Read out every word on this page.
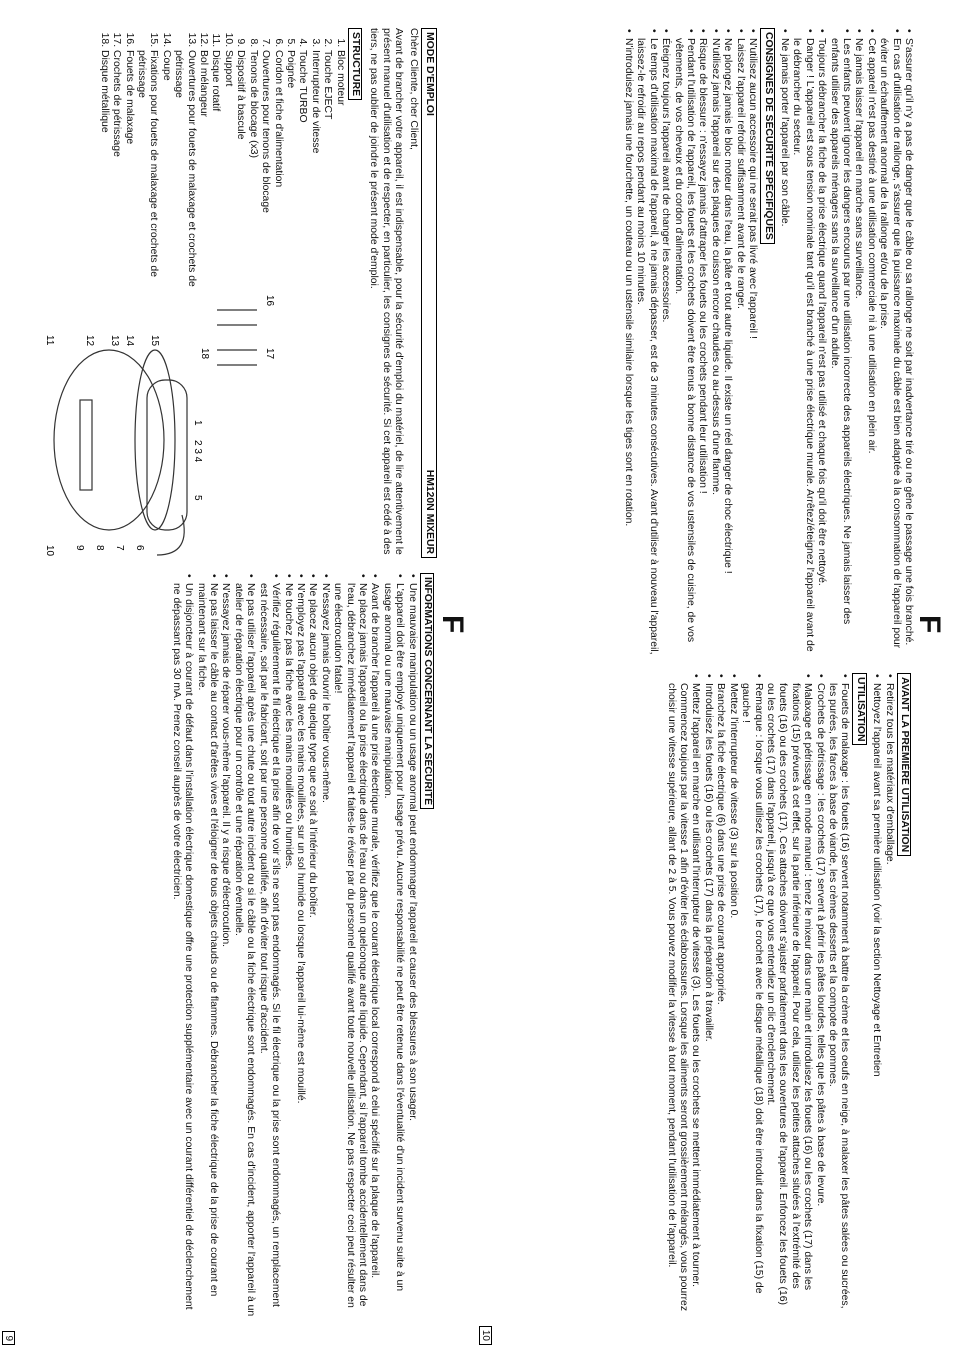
F
MODE D'EMPLOI
HM120N MIXEUR

Chère Cliente, cher Client,

Avant de brancher votre appareil, il est indispensable, pour la sécurité d'emploi du matériel, de lire attentivement le présent manuel d'utilisation et de respecter, en particulier, les consignes de sécurité. Si cet appareil est cédé à des tiers, ne pas oublier de joindre le présent mode d'emploi.

STRUCTURE
1. Bloc moteur
2. Touche EJECT
3. Interrupteur de vitesse
4. Touche TURBO
5. Poignée
6. Cordon et fiche d'alimentation
7. Ouvertures pour tenons de blocage
8. Tenons de blocage (x3)
9. Dispositif à bascule
10. Support
11. Disque rotatif
12. Bol mélangeur
13. Ouvertures pour fouets de malaxage et crochets de pétrissage
14. Coupe
15. Fixations pour fouets de malaxage et crochets de pétrissage
16. Fouets de malaxage
17. Crochets de pétrissage
18. Disque métallique
1
2 3 4
5
6
7
8
9
10
11	12 13 14 15
16
17
18
INFORMATIONS CONCERNANT LA SÉCURITÉ
• Une mauvaise manipulation ou un usage anormal peut endommager l'appareil et causer des blessures à son usager.
• L'appareil doit être employé uniquement pour l'usage prévu. Aucune responsabilité ne peut être retenue dans l'éventualité d'un incident survenu suite à un usage anormal ou une mauvaise manipulation.
• Avant de brancher l'appareil à une prise électrique murale, vérifiez que le courant électrique local correspond à celui spécifié sur la plaque de l'appareil.
• Ne placez jamais l'appareil ou la prise électrique dans de l'eau ou dans un quelconque autre liquide. Cependant, si l'appareil tombe accidentellement dans de l'eau, débranchez immédiatement l'appareil et faites-le réviser par du personnel qualifié avant toute nouvelle utilisation. Ne pas respecter ceci peut résulter en une électrocution fatale!
• N'essayez jamais d'ouvrir le boîtier vous-même.
• Ne placez aucun objet de quelque type que ce soit à l'intérieur du boîtier.
• N'employez pas l'appareil avec les mains mouillées, sur un sol humide ou lorsque l'appareil lui-même est mouillé.
• Ne touchez pas la fiche avec les mains mouillées ou humides.
• Vérifiez régulièrement le fil électrique et la prise afin de voir s'ils ne sont pas endommagés. Si le fil électrique ou la prise sont endommagés, un remplacement est nécessaire, soit par le fabricant, soit par une personne qualifiée, afin d'éviter tout risque d'accident.
• Ne pas utiliser l'appareil après une chute ou tout autre incident ou si le câble ou la fiche électrique sont endommagés. En cas d'incident, apporter l'appareil à un atelier de réparation électrique pour un contrôle et une réparation éventuelle.
• N'essayez jamais de réparer vous-même l'appareil. Il y a risque d'électrocution.
• Ne pas laisser le câble au contact d'arêtes vives et l'éloigner de tous objets chauds ou de flammes. Débrancher la fiche électrique de la prise de courant en maintenant sur la fiche.
• Un disjoncteur à courant de défaut dans l'installation électrique domestique offre une protection supplémentaire avec un courant différentiel de déclenchement ne dépassant pas 30 mA. Prenez conseil auprès de votre électricien.
9
F
• S'assurer qu'il n'y a pas de danger que le câble ou sa rallonge ne soit par inadvertance tiré ou ne gêne le passage une fois branché.
• En cas d'utilisation de rallonge, s'assurer que la puissance maximale du câble est bien adaptée à la consommation de l'appareil pour éviter un échauffement anormal de la rallonge et/ou de la prise.
• Cet appareil n'est pas destiné à une utilisation commerciale ni à une utilisation en plein air.
• Ne jamais laisser l'appareil en marche sans surveillance.
• Les enfants peuvent ignorer les dangers encourus par une utilisation incorrecte des appareils électriques. Ne jamais laisser des enfants utiliser des appareils ménagers sans la surveillance d'un adulte.
• Toujours débrancher la fiche de la prise électrique quand l'appareil n'est pas utilisé et chaque fois qu'il doit être nettoyé.
• Danger ! L'appareil est sous tension nominale tant qu'il est branché à une prise électrique murale. Arrêtez/éteignez l'appareil avant de le débrancher du secteur.
• Ne jamais porter l'appareil par son câble.
CONSIGNES DE SÉCURITÉ SPÉCIFIQUES
• N'utilisez aucun accessoire qui ne serait pas livré avec l'appareil !
• Laissez l'appareil refroidir suffisamment avant de le ranger.
• Ne plongez jamais le bloc moteur dans l'eau, la pâte et tout autre liquide. Il existe un réel danger de choc électrique !
• N'utilisez jamais l'appareil sur des plaques de cuisson encore chaudes ou au-dessus d'une flamme.
• Risque de blessure : n'essayez jamais d'attraper les fouets ou les crochets pendant leur utilisation !
• Pendant l'utilisation de l'appareil, les fouets et les crochets doivent être tenus à bonne distance de vos ustensiles de cuisine, de vos vêtements, de vos cheveux et du cordon d'alimentation.
• Éteignez toujours l'appareil avant de changer les accessoires.
• Le temps d'utilisation maximal de l'appareil, à ne jamais dépasser, est de 3 minutes consécutives. Avant d'utiliser à nouveau l'appareil, laissez-le refroidir au repos pendant au moins 10 minutes.
• N'introduisez jamais une fourchette, un couteau ou un ustensile similaire lorsque les tiges sont en rotation.
AVANT LA PREMIÈRE UTILISATION
• Retirez tous les matériaux d'emballage.
• Nettoyez l'appareil avant sa première utilisation (voir la section Nettoyage et Entretien
UTILISATION
• Fouets de malaxage : les fouets (16) servent notamment à battre la crème et les oeufs en neige, à malaxer les pâtes salées ou sucrées, les purées, les farces à base de viande, les crèmes desserts et la compote de pommes.
• Crochets de pétrissage : les crochets (17) servent à pétrir les pâtes lourdes, telles que les pâtes à base de levure.
• Malaxage et pétrissage en mode manuel : tenez le mixeur dans une main et introduisez les fouets (16) ou les crochets (17) dans les fixations (15) prévues à cet effet, sur la partie inférieure de l'appareil. Pour cela, utilisez les petites attaches situées à l'extrémité des fouets (16) ou des crochets (17). Ces attaches doivent s'ajuster parfaitement dans les ouvertures de l'appareil. Enfoncez les fouets (16) ou les crochets (17) dans l'appareil, jusqu'à ce que vous entendiez un clic d'enclenchement.
• Remarque : lorsque vous utilisez les crochets (17), le crochet avec le disque métallique (18) doit être introduit dans la fixation (15) de gauche !
• Mettez l'interrupteur de vitesse (3) sur la position 0.
• Branchez la fiche électrique (6) dans une prise de courant appropriée.
• Introduisez les fouets (16) ou les crochets (17) dans la préparation à travailler.
• Mettez l'appareil en marche en utilisant l'interrupteur de vitesse (3). Les fouets ou les crochets se mettent immédiatement à tourner. Commencez toujours par la vitesse 1 afin d'éviter les éclaboussures. Lorsque les aliments seront grossièrement mélangés, vous pourrez choisir une vitesse supérieure, allant de 2 à 5. Vous pouvez modifier la vitesse à tout moment, pendant l'utilisation de l'appareil.
10
